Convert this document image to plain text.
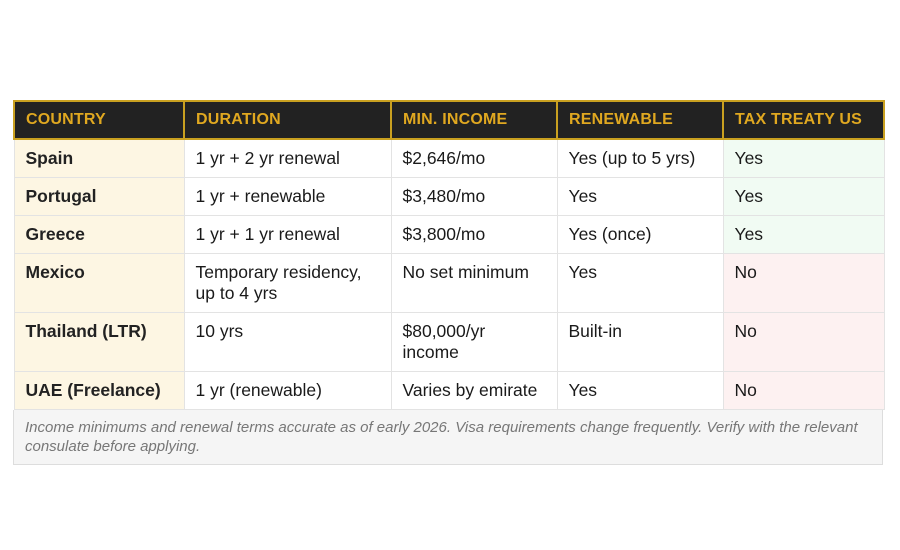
COUNTRY	DURATION	MIN. INCOME	RENEWABLE	TAX TREATY US
Spain	1 yr + 2 yr renewal	$2,646/mo	Yes (up to 5 yrs)	Yes
Portugal	1 yr + renewable	$3,480/mo	Yes	Yes
Greece	1 yr + 1 yr renewal	$3,800/mo	Yes (once)	Yes
Mexico	Temporary residency, up to 4 yrs	No set minimum	Yes	No
Thailand (LTR)	10 yrs	$80,000/yr income	Built-in	No
UAE (Freelance)	1 yr (renewable)	Varies by emirate	Yes	No
Income minimums and renewal terms accurate as of early 2026. Visa requirements change frequently. Verify with the relevant consulate before applying.
